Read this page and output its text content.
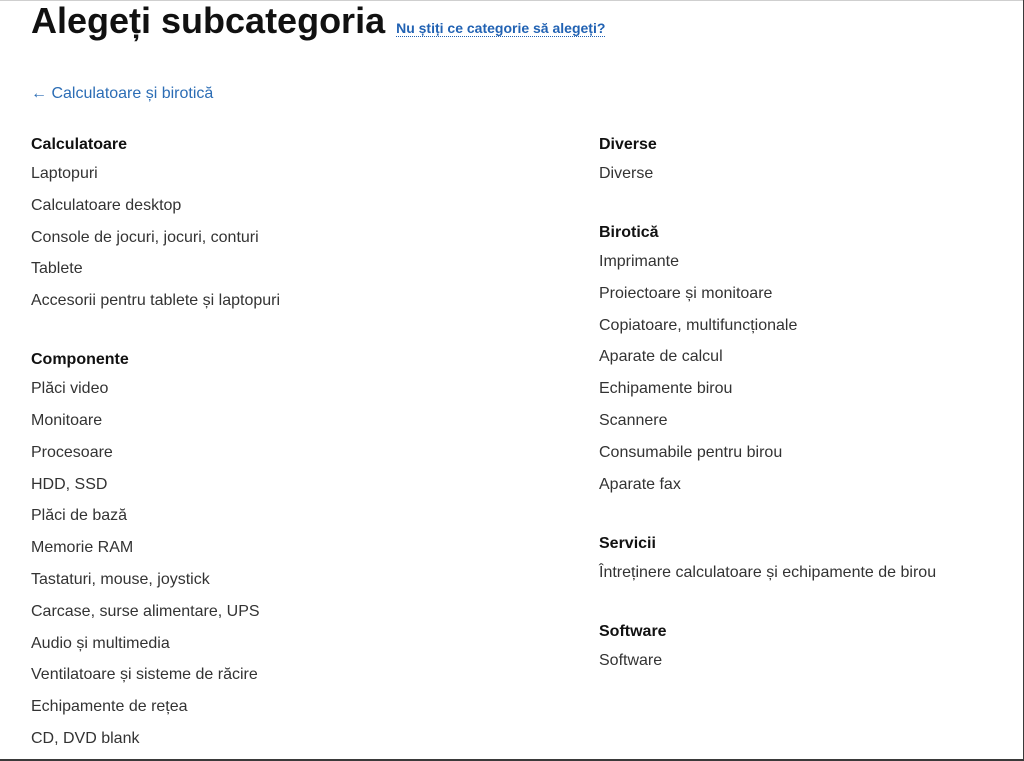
Alegeți subcategoria Nu știți ce categorie să alegeți?
← Calculatoare și birotică
Calculatoare
Laptopuri
Calculatoare desktop
Console de jocuri, jocuri, conturi
Tablete
Accesorii pentru tablete și laptopuri
Componente
Plăci video
Monitoare
Procesoare
HDD, SSD
Plăci de bază
Memorie RAM
Tastaturi, mouse, joystick
Carcase, surse alimentare, UPS
Audio și multimedia
Ventilatoare și sisteme de răcire
Echipamente de rețea
CD, DVD blank
Diverse
Diverse
Birotică
Imprimante
Proiectoare și monitoare
Copiatoare, multifuncționale
Aparate de calcul
Echipamente birou
Scannere
Consumabile pentru birou
Aparate fax
Servicii
Întreținere calculatoare și echipamente de birou
Software
Software
